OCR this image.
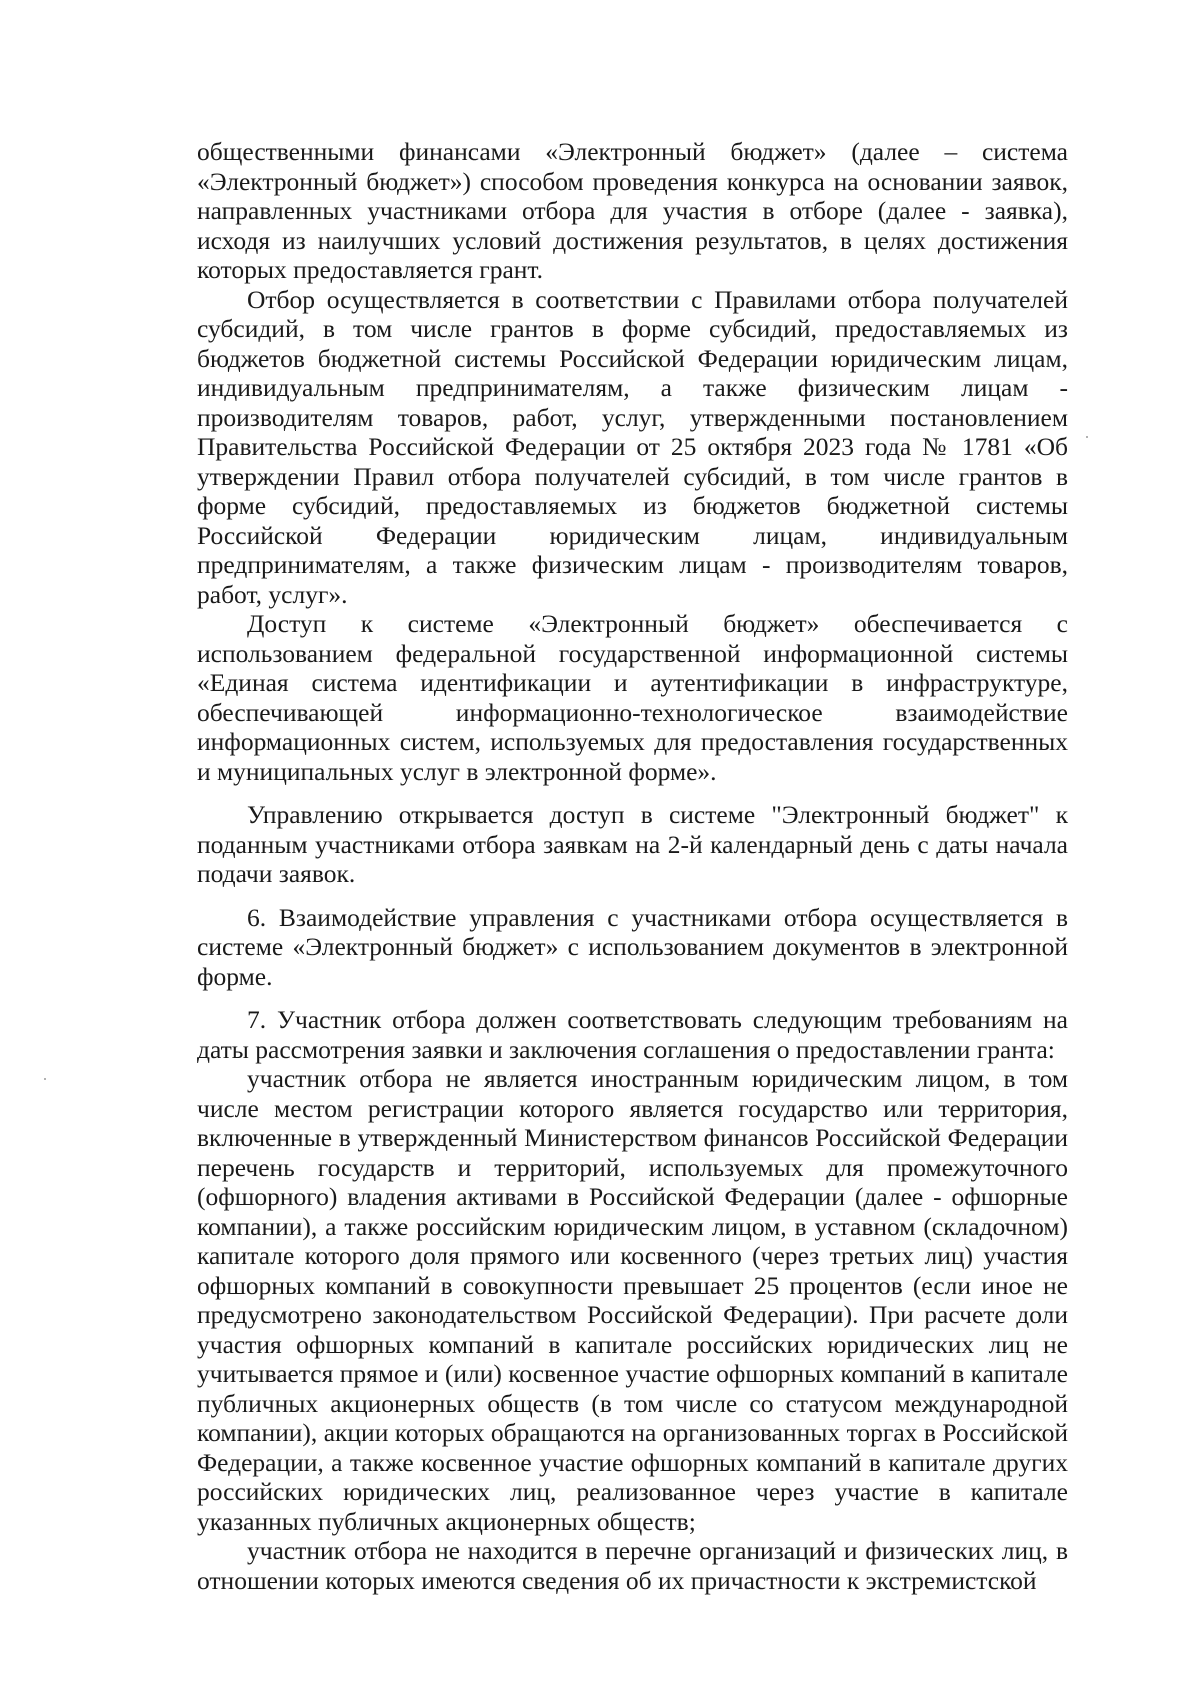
общественными финансами «Электронный бюджет» (далее – система «Электронный бюджет») способом проведения конкурса на основании заявок, направленных участниками отбора для участия в отборе (далее - заявка), исходя из наилучших условий достижения результатов, в целях достижения которых предоставляется грант.

Отбор осуществляется в соответствии с Правилами отбора получателей субсидий, в том числе грантов в форме субсидий, предоставляемых из бюджетов бюджетной системы Российской Федерации юридическим лицам, индивидуальным предпринимателям, а также физическим лицам - производителям товаров, работ, услуг, утвержденными постановлением Правительства Российской Федерации от 25 октября 2023 года № 1781 «Об утверждении Правил отбора получателей субсидий, в том числе грантов в форме субсидий, предоставляемых из бюджетов бюджетной системы Российской Федерации юридическим лицам, индивидуальным предпринимателям, а также физическим лицам - производителям товаров, работ, услуг».

Доступ к системе «Электронный бюджет» обеспечивается с использованием федеральной государственной информационной системы «Единая система идентификации и аутентификации в инфраструктуре, обеспечивающей информационно-технологическое взаимодействие информационных систем, используемых для предоставления государственных и муниципальных услуг в электронной форме».

Управлению открывается доступ в системе "Электронный бюджет" к поданным участниками отбора заявкам на 2-й календарный день с даты начала подачи заявок.

6. Взаимодействие управления с участниками отбора осуществляется в системе «Электронный бюджет» с использованием документов в электронной форме.

7. Участник отбора должен соответствовать следующим требованиям на даты рассмотрения заявки и заключения соглашения о предоставлении гранта:

участник отбора не является иностранным юридическим лицом, в том числе местом регистрации которого является государство или территория, включенные в утвержденный Министерством финансов Российской Федерации перечень государств и территорий, используемых для промежуточного (офшорного) владения активами в Российской Федерации (далее - офшорные компании), а также российским юридическим лицом, в уставном (складочном) капитале которого доля прямого или косвенного (через третьих лиц) участия офшорных компаний в совокупности превышает 25 процентов (если иное не предусмотрено законодательством Российской Федерации). При расчете доли участия офшорных компаний в капитале российских юридических лиц не учитывается прямое и (или) косвенное участие офшорных компаний в капитале публичных акционерных обществ (в том числе со статусом международной компании), акции которых обращаются на организованных торгах в Российской Федерации, а также косвенное участие офшорных компаний в капитале других российских юридических лиц, реализованное через участие в капитале указанных публичных акционерных обществ;

участник отбора не находится в перечне организаций и физических лиц, в отношении которых имеются сведения об их причастности к экстремистской
